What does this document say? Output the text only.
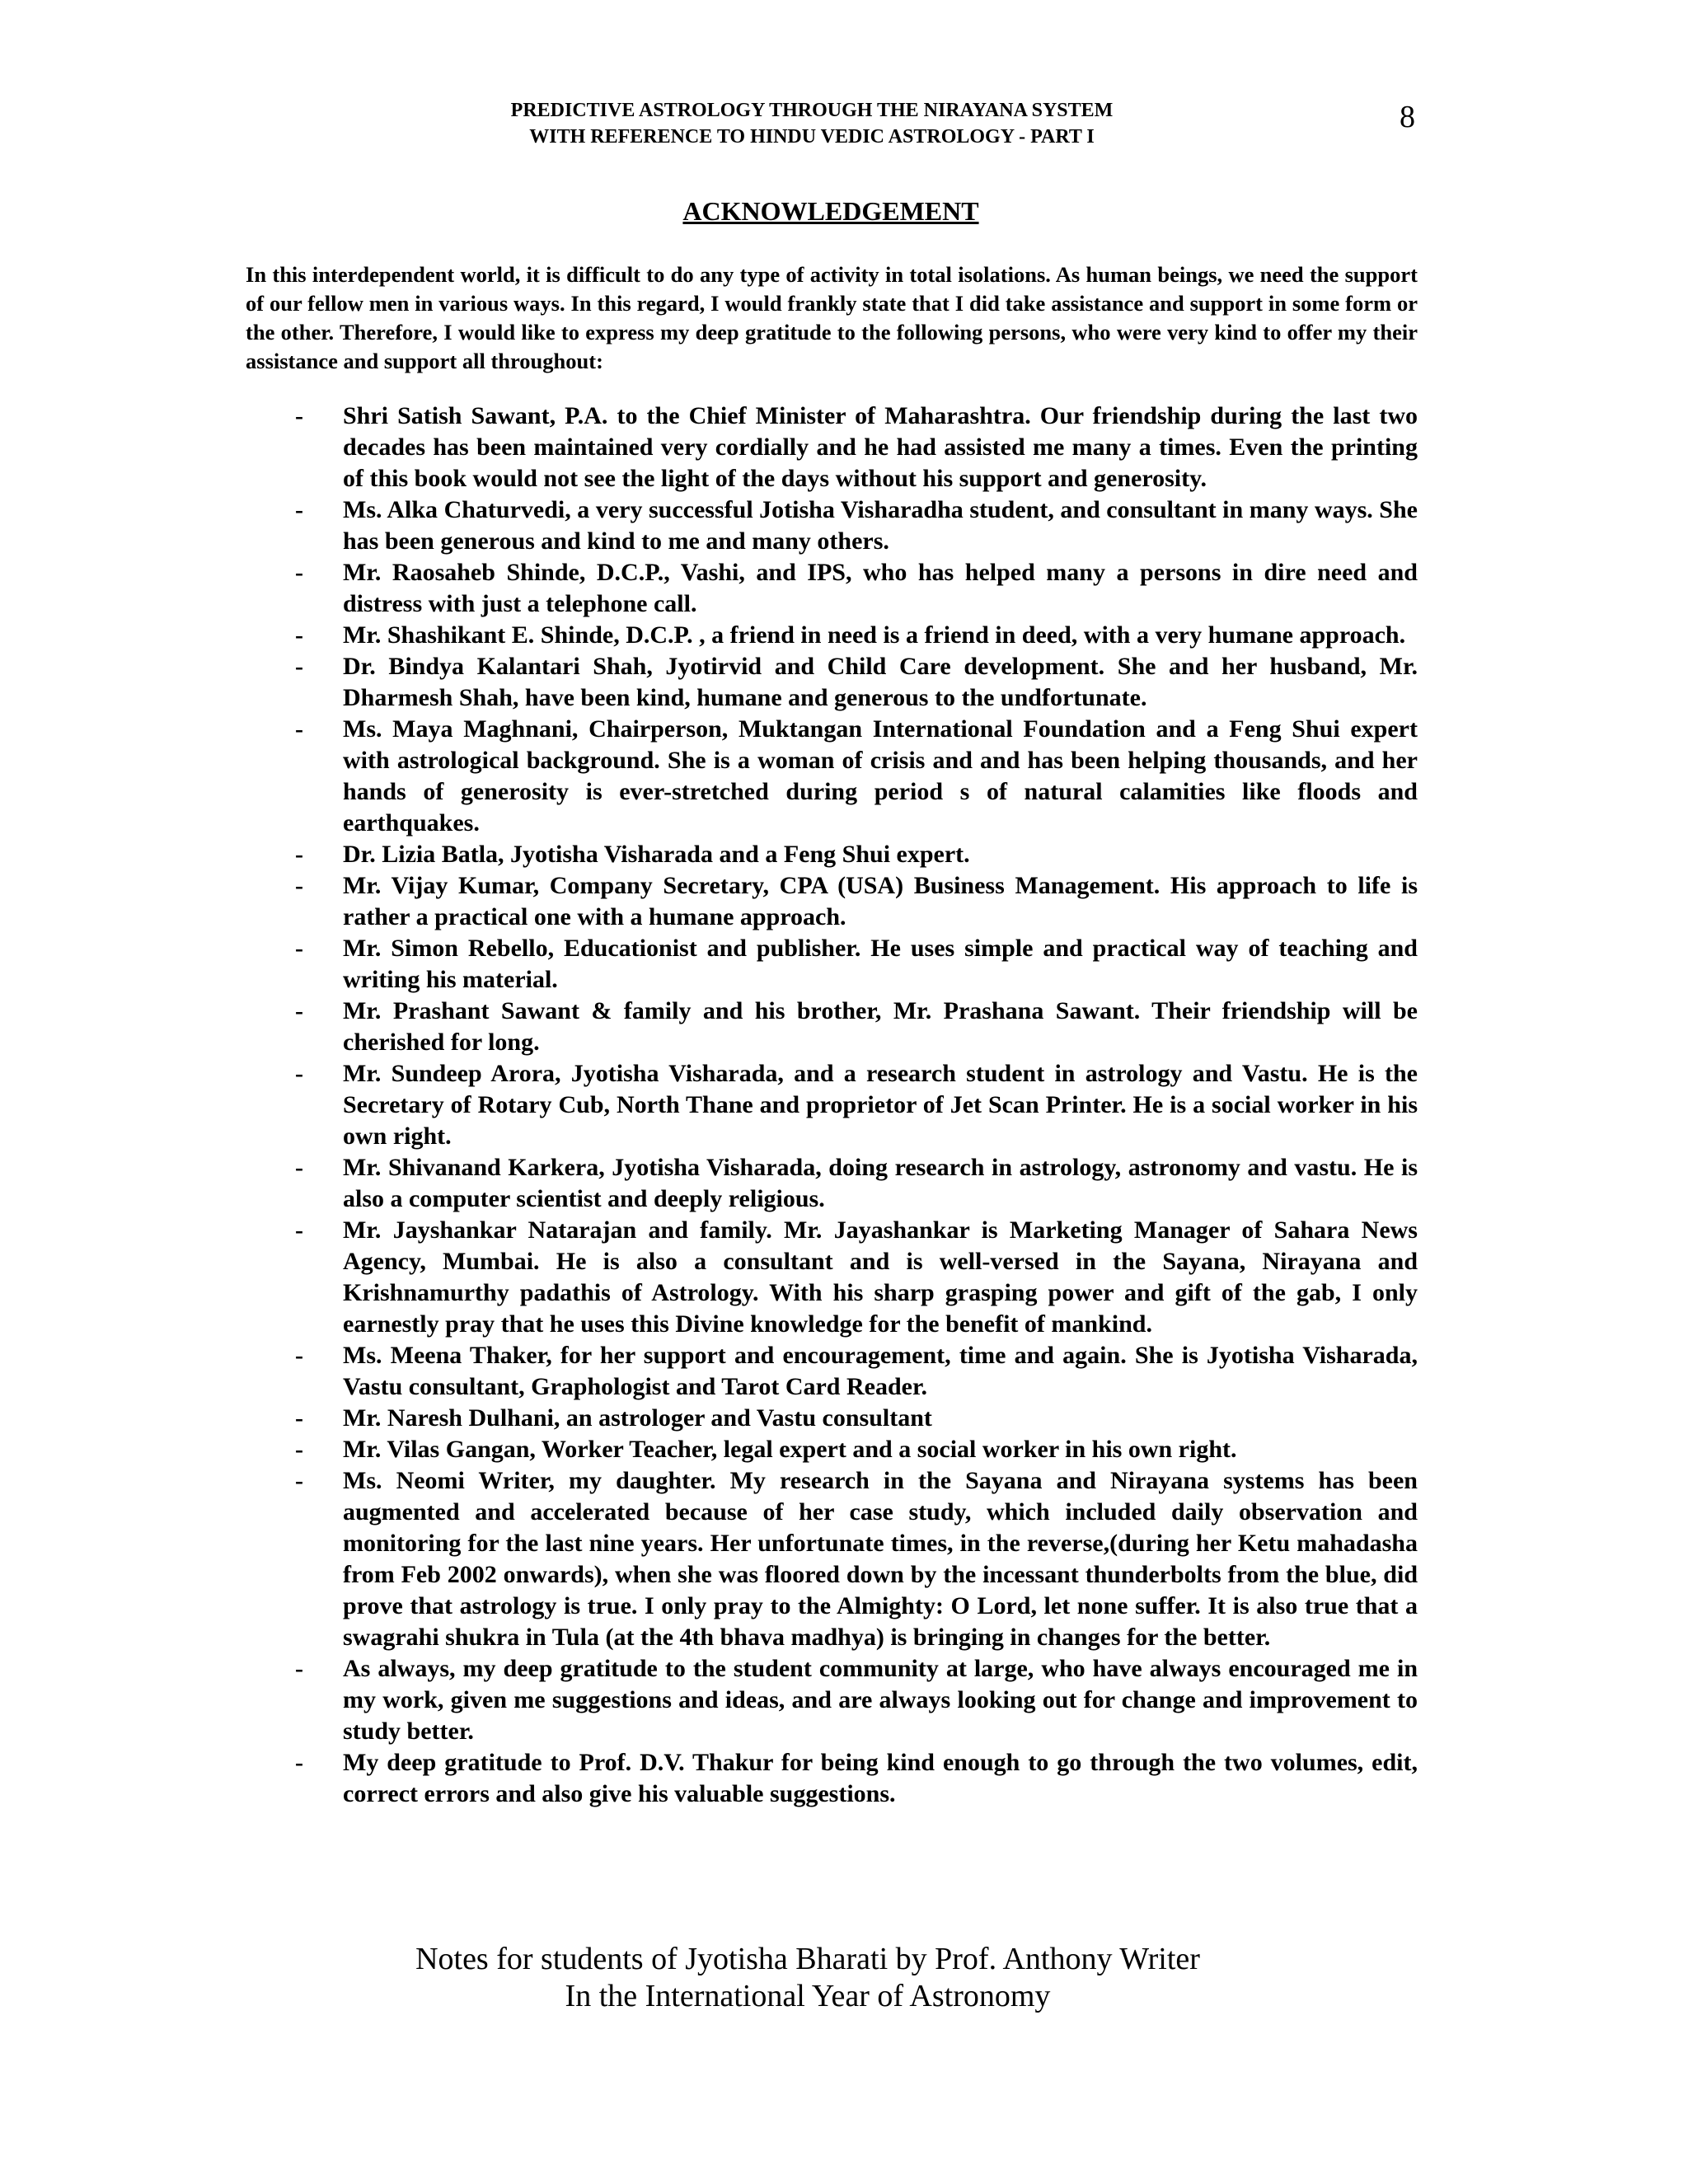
PREDICTIVE ASTROLOGY THROUGH THE NIRAYANA SYSTEM
WITH REFERENCE TO HINDU VEDIC ASTROLOGY - PART I
8
ACKNOWLEDGEMENT
In this interdependent world, it is difficult to do any type of activity in total isolations. As human beings, we need the support of our fellow men in various ways. In this regard, I would frankly state that I did take assistance and support in some form or the other. Therefore, I would like to express my deep gratitude to the following persons, who were very kind to offer my their assistance and support all throughout:
- Shri Satish Sawant, P.A. to the Chief Minister of Maharashtra. Our friendship during the last two decades has been maintained very cordially and he had assisted me many a times. Even the printing of this book would not see the light of the days without his support and generosity.
- Ms. Alka Chaturvedi, a very successful Jotisha Visharadha student, and consultant in many ways. She has been generous and kind to me and many others.
- Mr. Raosaheb Shinde, D.C.P., Vashi, and IPS, who has helped many a persons in dire need and distress with just a telephone call.
- Mr. Shashikant E. Shinde, D.C.P. , a friend in need is a friend in deed, with a very humane approach.
- Dr. Bindya Kalantari Shah, Jyotirvid and Child Care development. She and her husband, Mr. Dharmesh Shah, have been kind, humane and generous to the undfortunate.
- Ms. Maya Maghnani, Chairperson, Muktangan International Foundation and a Feng Shui expert with astrological background. She is a woman of crisis and and has been helping thousands, and her hands of generosity is ever-stretched during period s of natural calamities like floods and earthquakes.
- Dr. Lizia Batla, Jyotisha Visharada and a Feng Shui expert.
- Mr. Vijay Kumar, Company Secretary, CPA (USA) Business Management. His approach to life is rather a practical one with a humane approach.
- Mr. Simon Rebello, Educationist and publisher. He uses simple and practical way of teaching and writing his material.
- Mr. Prashant Sawant & family and his brother, Mr. Prashana Sawant. Their friendship will be cherished for long.
- Mr. Sundeep Arora, Jyotisha Visharada, and a research student in astrology and Vastu. He is the Secretary of Rotary Cub, North Thane and proprietor of Jet Scan Printer. He is a social worker in his own right.
- Mr. Shivanand Karkera, Jyotisha Visharada, doing research in astrology, astronomy and vastu. He is also a computer scientist and deeply religious.
- Mr. Jayshankar Natarajan and family. Mr. Jayashankar is Marketing Manager of Sahara News Agency, Mumbai. He is also a consultant and is well-versed in the Sayana, Nirayana and Krishnamurthy padathis of Astrology. With his sharp grasping power and gift of the gab, I only earnestly pray that he uses this Divine knowledge for the benefit of mankind.
- Ms. Meena Thaker, for her support and encouragement, time and again. She is Jyotisha Visharada, Vastu consultant, Graphologist and Tarot Card Reader.
- Mr. Naresh Dulhani, an astrologer and Vastu consultant
- Mr. Vilas Gangan, Worker Teacher, legal expert and a social worker in his own right.
- Ms. Neomi Writer, my daughter. My research in the Sayana and Nirayana systems has been augmented and accelerated because of her case study, which included daily observation and monitoring for the last nine years. Her unfortunate times, in the reverse,(during her Ketu mahadasha from Feb 2002 onwards), when she was floored down by the incessant thunderbolts from the blue, did prove that astrology is true. I only pray to the Almighty: O Lord, let none suffer. It is also true that a swagrahi shukra in Tula (at the 4th bhava madhya) is bringing in changes for the better.
- As always, my deep gratitude to the student community at large, who have always encouraged me in my work, given me suggestions and ideas, and are always looking out for change and improvement to study better.
- My deep gratitude to Prof. D.V. Thakur for being kind enough to go through the two volumes, edit, correct errors and also give his valuable suggestions.
Notes for students of Jyotisha Bharati by Prof. Anthony Writer
In the International Year of Astronomy
